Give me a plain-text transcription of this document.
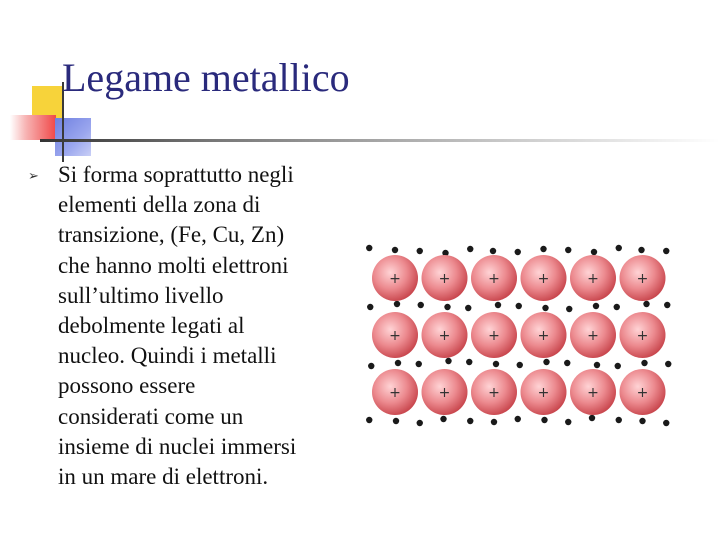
Legame metallico
➢ Si forma soprattutto negli
elementi della zona di
transizione, (Fe, Cu, Zn)
che hanno molti elettroni
sull’ultimo livello
debolmente legati al
nucleo. Quindi i metalli
possono essere
considerati come un
insieme di nuclei immersi
in un mare di elettroni.
+	+	+	+	+	+
+	+	+	+	+	+
+	+	+	+	+	+
